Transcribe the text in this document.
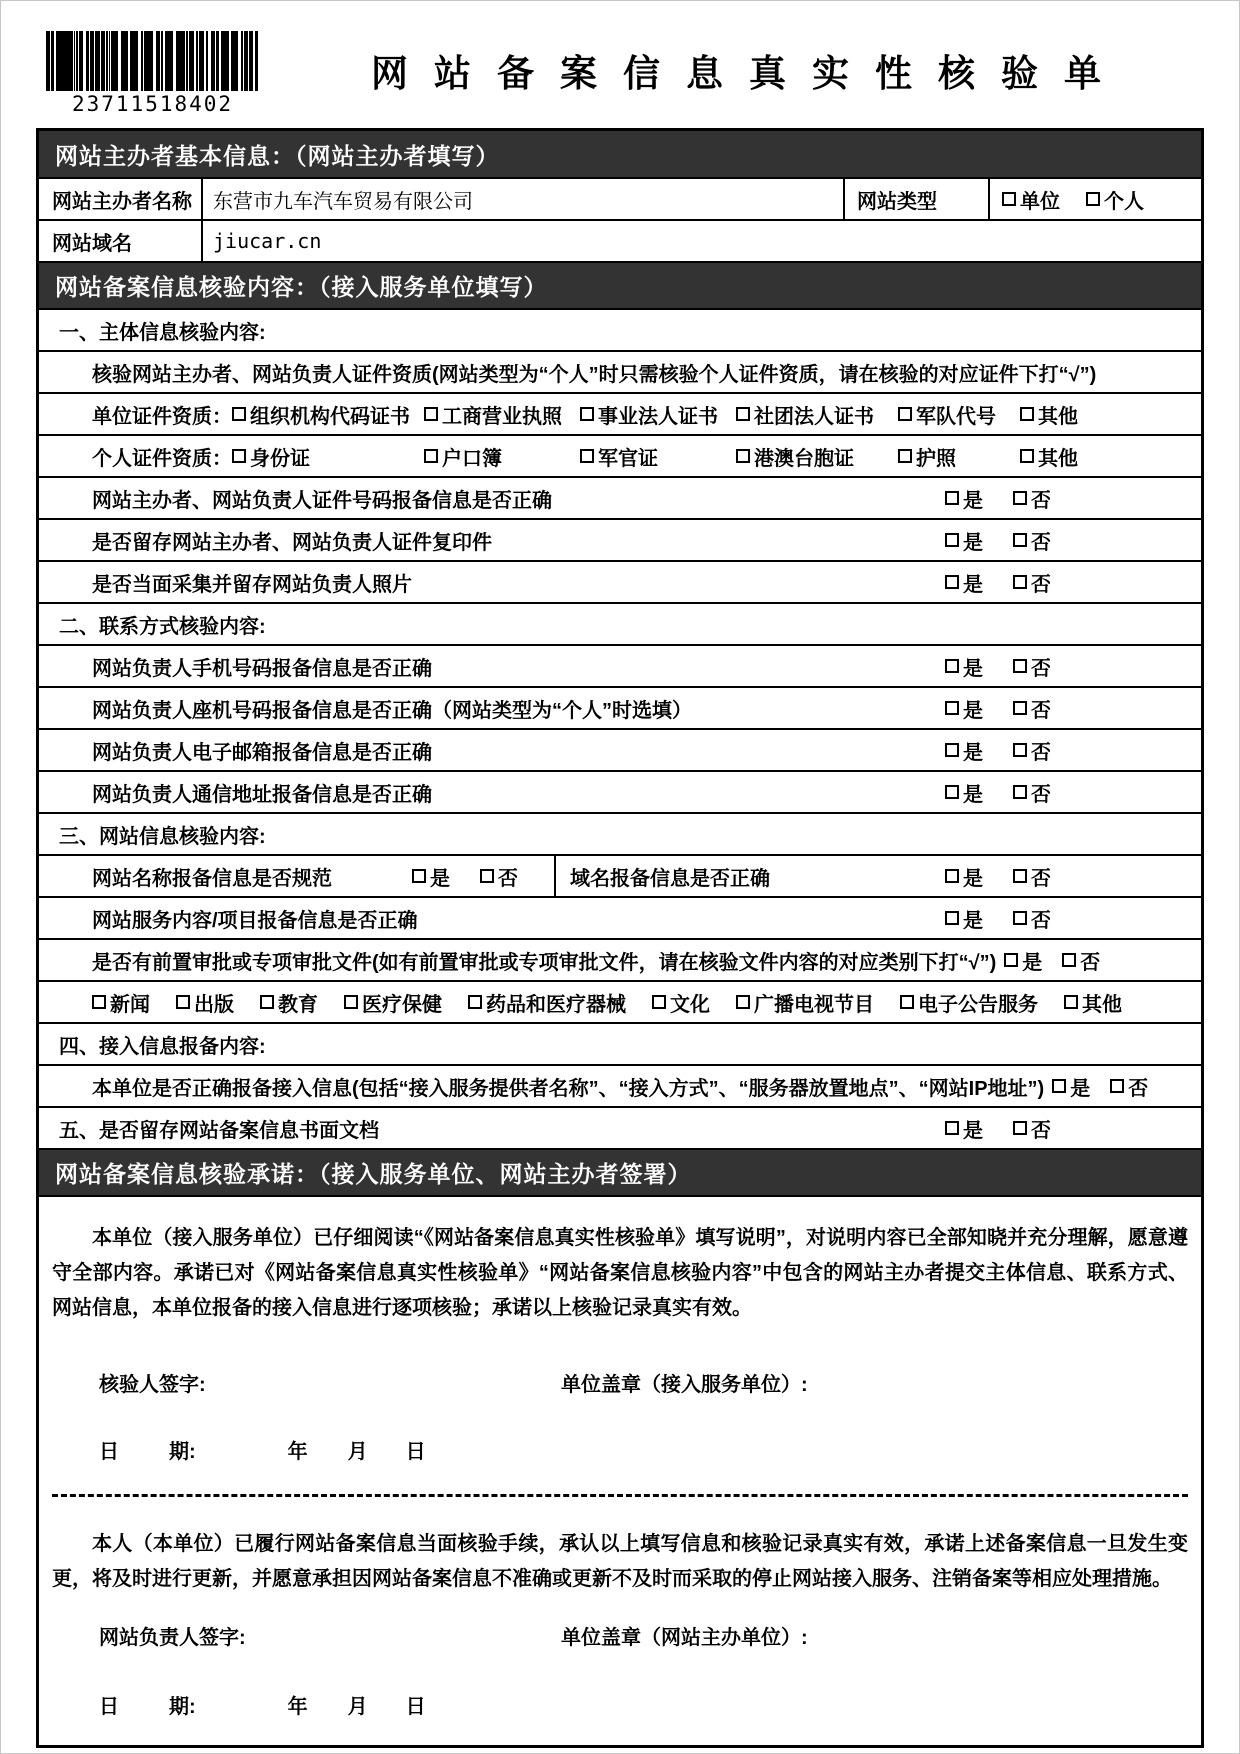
23711518402
网站备案信息真实性核验单
网站主办者基本信息：（网站主办者填写）
网站主办者名称	东营市九车汽车贸易有限公司	网站类型	单位 个人
网站域名	jiucar.cn
网站备案信息核验内容：（接入服务单位填写）
一、主体信息核验内容:
核验网站主办者、网站负责人证件资质(网站类型为“个人”时只需核验个人证件资质，请在核验的对应证件下打“√”)
单位证件资质： 组织机构代码证书 工商营业执照 事业法人证书 社团法人证书 军队代号 其他
个人证件资质： 身份证	户口簿	军官证	港澳台胞证	护照	其他
网站主办者、网站负责人证件号码报备信息是否正确	是 否
是否留存网站主办者、网站负责人证件复印件	是 否
是否当面采集并留存网站负责人照片	是 否
二、联系方式核验内容:
网站负责人手机号码报备信息是否正确	是 否
网站负责人座机号码报备信息是否正确（网站类型为“个人”时选填）	是 否
网站负责人电子邮箱报备信息是否正确	是 否
网站负责人通信地址报备信息是否正确	是 否
三、网站信息核验内容:
网站名称报备信息是否规范	是 否	域名报备信息是否正确	是 否
网站服务内容/项目报备信息是否正确	是 否
是否有前置审批或专项审批文件(如有前置审批或专项审批文件，请在核验文件内容的对应类别下打“√”) 是 否
新闻 出版 教育 医疗保健 药品和医疗器械 文化 广播电视节目 电子公告服务 其他
四、接入信息报备内容:
本单位是否正确报备接入信息(包括“接入服务提供者名称”、“接入方式”、“服务器放置地点”、“网站IP地址”) 是 否
五、是否留存网站备案信息书面文档	是 否
网站备案信息核验承诺：（接入服务单位、网站主办者签署）

本单位（接入服务单位）已仔细阅读“《网站备案信息真实性核验单》填写说明”，对说明内容已全部知晓并充分理解，愿意遵守全部内容。承诺已对《网站备案信息真实性核验单》“网站备案信息核验内容”中包含的网站主办者提交主体信息、联系方式、网站信息，本单位报备的接入信息进行逐项核验；承诺以上核验记录真实有效。

核验人签字:	单位盖章（接入服务单位）:
日	期:	年 月 日

本人（本单位）已履行网站备案信息当面核验手续，承认以上填写信息和核验记录真实有效，承诺上述备案信息一旦发生变更，将及时进行更新，并愿意承担因网站备案信息不准确或更新不及时而采取的停止网站接入服务、注销备案等相应处理措施。

网站负责人签字:	单位盖章（网站主办单位）:
日	期:	年 月 日
